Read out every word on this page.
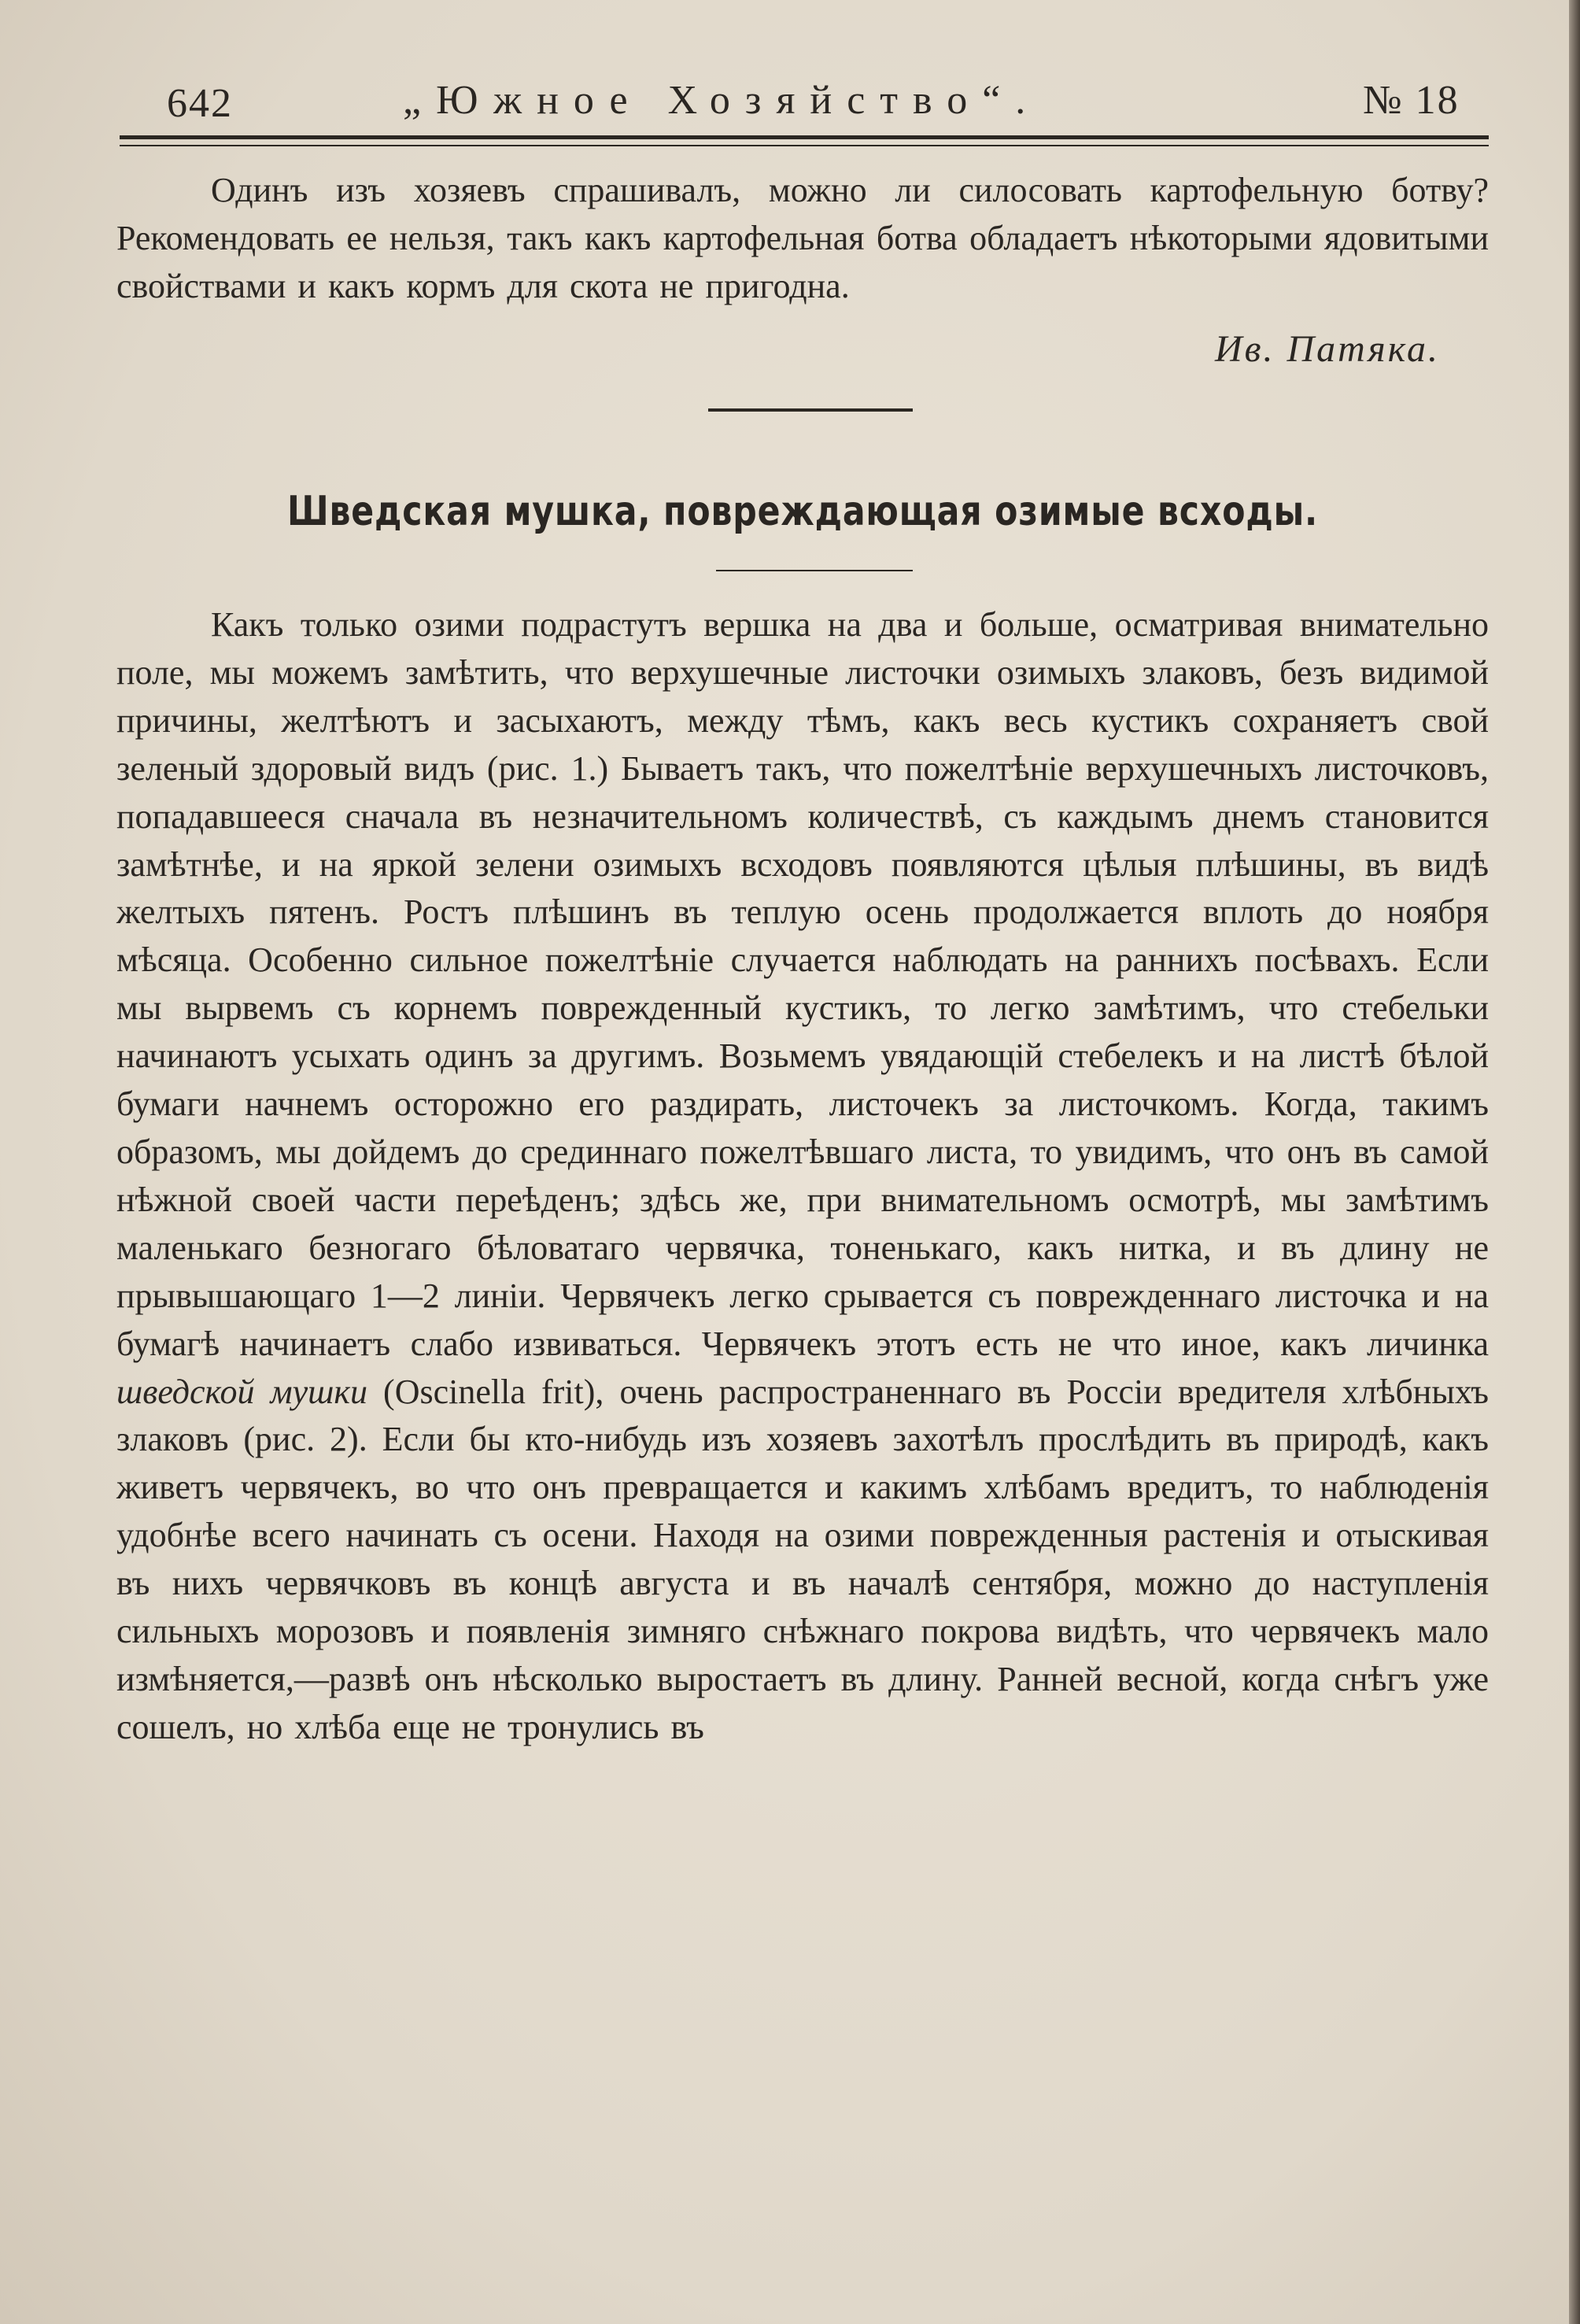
642	„Южное Хозяйство“.	№ 18
Одинъ изъ хозяевъ спрашивалъ, можно ли силосовать картофельную ботву? Рекомендовать ее нельзя, такъ какъ картофельная ботва обладаетъ нѣкоторыми ядовитыми свойствами и какъ кормъ для скота не пригодна.
Ив. Патяка.
Шведская мушка, повреждающая озимые всходы.
Какъ только озими подрастутъ вершка на два и больше, осматривая внимательно поле, мы можемъ замѣтить, что верхушечные листочки озимыхъ злаковъ, безъ видимой причины, желтѣютъ и засыхаютъ, между тѣмъ, какъ весь кустикъ сохраняетъ свой зеленый здоровый видъ (рис. 1.) Бываетъ такъ, что пожелтѣніе верхушечныхъ листочковъ, попадавшееся сначала въ незначительномъ количествѣ, съ каждымъ днемъ становится замѣтнѣе, и на яркой зелени озимыхъ всходовъ появляются цѣлыя плѣшины, въ видѣ желтыхъ пятенъ. Ростъ плѣшинъ въ теплую осень продолжается вплоть до ноября мѣсяца. Особенно сильное пожелтѣніе случается наблюдать на раннихъ посѣвахъ. Если мы вырвемъ съ корнемъ поврежденный кустикъ, то легко замѣтимъ, что стебельки начинаютъ усыхать одинъ за другимъ. Возьмемъ увядающій стебелекъ и на листѣ бѣлой бумаги начнемъ осторожно его раздирать, листочекъ за листочкомъ. Когда, такимъ образомъ, мы дойдемъ до срединнаго пожелтѣвшаго листа, то увидимъ, что онъ въ самой нѣжной своей части переѣденъ; здѣсь же, при внимательномъ осмотрѣ, мы замѣтимъ маленькаго безногаго бѣловатаго червячка, тоненькаго, какъ нитка, и въ длину не прывышающаго 1—2 линіи. Червячекъ легко срывается съ поврежденнаго листочка и на бумагѣ начинаетъ слабо извиваться. Червячекъ этотъ есть не что иное, какъ личинка шведской мушки (Oscinella frit), очень распространеннаго въ Россіи вредителя хлѣбныхъ злаковъ (рис. 2). Если бы кто-нибудь изъ хозяевъ захотѣлъ прослѣдить въ природѣ, какъ живетъ червячекъ, во что онъ превращается и какимъ хлѣбамъ вредитъ, то наблюденія удобнѣе всего начинать съ осени. Находя на озими поврежденныя растенія и отыскивая въ нихъ червячковъ въ концѣ августа и въ началѣ сентября, можно до наступленія сильныхъ морозовъ и появленія зимняго снѣжнаго покрова видѣть, что червячекъ мало измѣняется,—развѣ онъ нѣсколько выростаетъ въ длину. Ранней весной, когда снѣгъ уже сошелъ, но хлѣба еще не тронулись въ
